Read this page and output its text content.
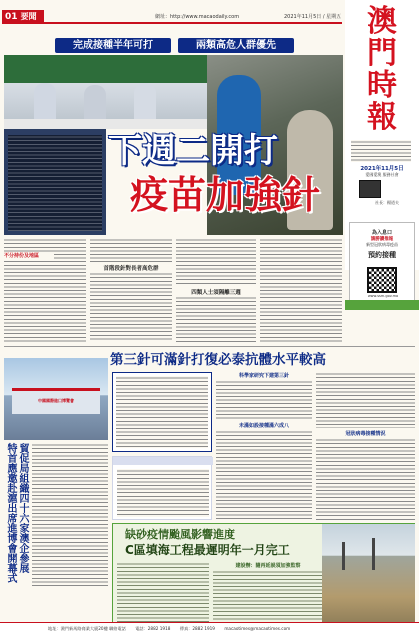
01 要聞	網址：http://www.macaodaily.com	2021年11月5日 / 星期五 澳
門
時
報
2021年11月5日
愛國愛澳 服務社會
社長：楊道夫
為入息口
請勝讀推報
新型冠狀病毒疫苗
預約接種
www.ssm.gov.mo
完成接種半年可打	兩類高危人群優先
下週二開打
疫苗加強針
首階段針對長者高危群
四類人士須隔離三週
不分持份及地區
第三針可滿針打復必泰抗體水平較高
科學家研究下建第三針
未滿如設接種滿六成八
冠狀病毒接種情況
貿促局組織四十六家澳企參展
特首應邀赴滬出席進博會開幕式
中國國際進口博覽會
缺砂疫情颱風影響進度
C區填海工程最遲明年一月完工
建設辦：隨再延誤須加強監察
地址：澳門新馬路商業大廈20樓 聯絡電話 電話：2882 1918 傳真：2882 1919 macaotimes@macaotimes.com
